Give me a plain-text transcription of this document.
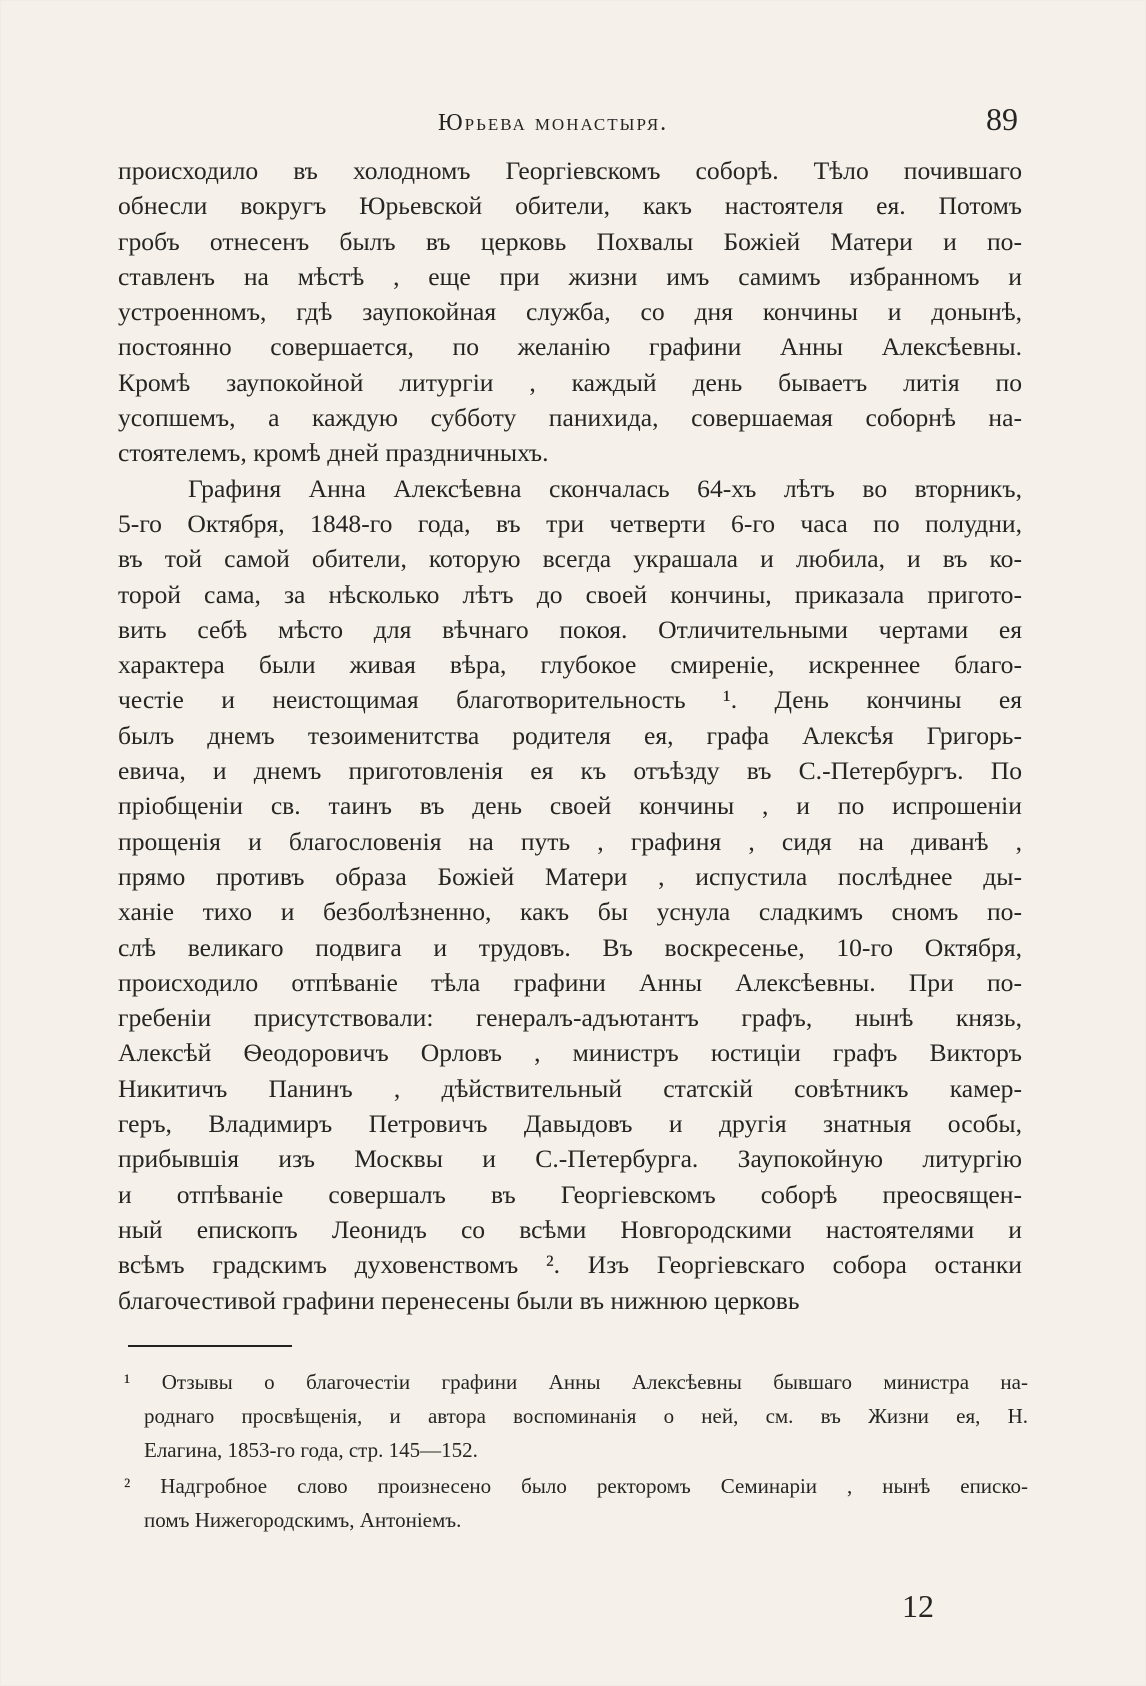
Юрьева монастыря.	89
происходило въ холодномъ Георгіевскомъ соборѣ. Тѣло почившаго
обнесли вокругъ Юрьевской обители, какъ настоятеля ея. Потомъ
гробъ отнесенъ былъ въ церковь Похвалы Божіей Матери и по-
ставленъ на мѣстѣ , еще при жизни имъ самимъ избранномъ и
устроенномъ, гдѣ заупокойная служба, со дня кончины и донынѣ,
постоянно совершается, по желанію графини Анны Алексѣевны.
Кромѣ заупокойной литургіи , каждый день бываетъ литія по
усопшемъ, а каждую субботу панихида, совершаемая соборнѣ на-
стоятелемъ, кромѣ дней праздничныхъ.
Графиня Анна Алексѣевна скончалась 64-хъ лѣтъ во вторникъ,
5-го Октября, 1848-го года, въ три четверти 6-го часа по полудни,
въ той самой обители, которую всегда украшала и любила, и въ ко-
торой сама, за нѣсколько лѣтъ до своей кончины, приказала пригото-
вить себѣ мѣсто для вѣчнаго покоя. Отличительными чертами ея
характера были живая вѣра, глубокое смиреніе, искреннее благо-
честіе и неистощимая благотворительность ¹. День кончины ея
былъ днемъ тезоименитства родителя ея, графа Алексѣя Григорь-
евича, и днемъ приготовленія ея къ отъѣзду въ С.-Петербургъ. По
пріобщеніи св. таинъ въ день своей кончины , и по испрошеніи
прощенія и благословенія на путь , графиня , сидя на диванѣ ,
прямо противъ образа Божіей Матери , испустила послѣднее ды-
ханіе тихо и безболѣзненно, какъ бы уснула сладкимъ сномъ по-
слѣ великаго подвига и трудовъ. Въ воскресенье, 10-го Октября,
происходило отпѣваніе тѣла графини Анны Алексѣевны. При по-
гребеніи присутствовали: генералъ-адъютантъ графъ, нынѣ князь,
Алексѣй Ѳеодоровичъ Орловъ , министръ юстиціи графъ Викторъ
Никитичъ Панинъ , дѣйствительный статскій совѣтникъ камер-
геръ, Владимиръ Петровичъ Давыдовъ и другія знатныя особы,
прибывшія изъ Москвы и С.-Петербурга. Заупокойную литургію
и отпѣваніе совершалъ въ Георгіевскомъ соборѣ преосвящен-
ный епископъ Леонидъ со всѣми Новгородскими настоятелями и
всѣмъ градскимъ духовенствомъ ². Изъ Георгіевскаго собора останки
благочестивой графини перенесены были въ нижнюю церковь
¹ Отзывы о благочестіи графини Анны Алексѣевны бывшаго министра на-
роднаго просвѣщенія, и автора воспоминанія о ней, см. въ Жизни ея, Н.
Елагина, 1853-го года, стр. 145—152.
² Надгробное слово произнесено было ректоромъ Семинаріи , нынѣ еписко-
помъ Нижегородскимъ, Антоніемъ.
12
